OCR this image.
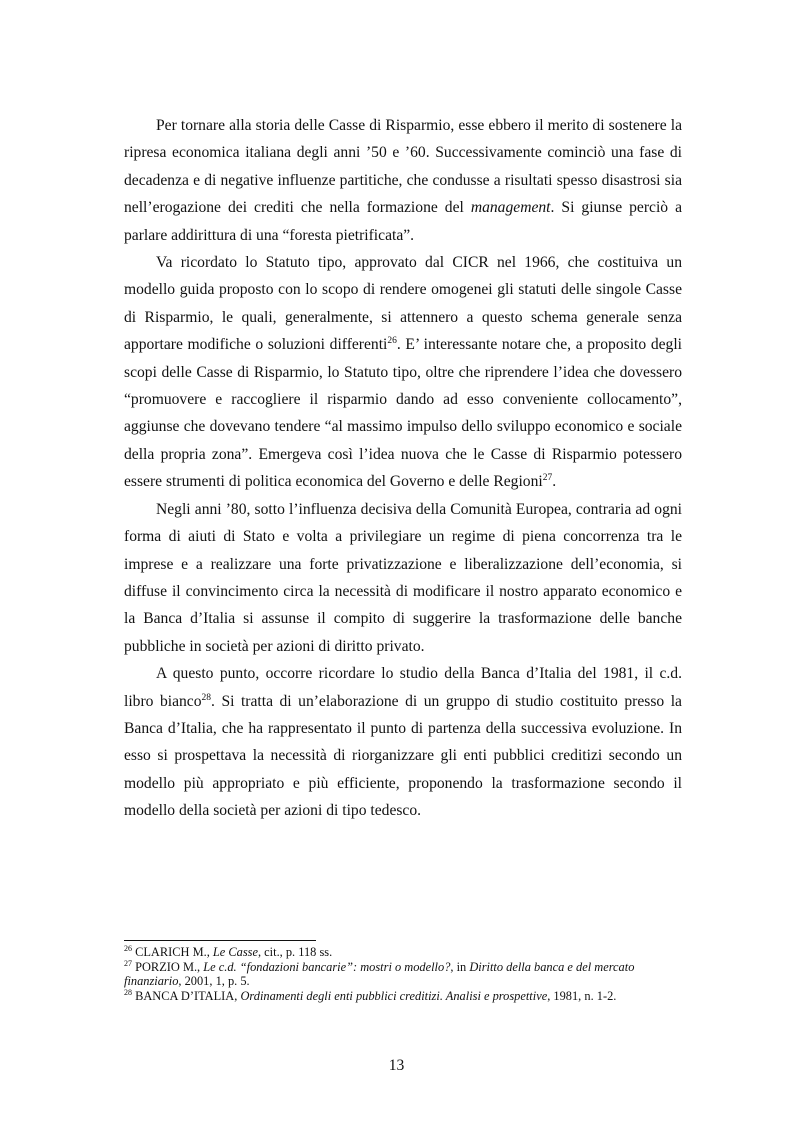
Per tornare alla storia delle Casse di Risparmio, esse ebbero il merito di sostenere la ripresa economica italiana degli anni ’50 e ’60. Successivamente cominciò una fase di decadenza e di negative influenze partitiche, che condusse a risultati spesso disastrosi sia nell’erogazione dei crediti che nella formazione del management. Si giunse perciò a parlare addirittura di una “foresta pietrificata”.

Va ricordato lo Statuto tipo, approvato dal CICR nel 1966, che costituiva un modello guida proposto con lo scopo di rendere omogenei gli statuti delle singole Casse di Risparmio, le quali, generalmente, si attennero a questo schema generale senza apportare modifiche o soluzioni differenti$^{26}$. E’ interessante notare che, a proposito degli scopi delle Casse di Risparmio, lo Statuto tipo, oltre che riprendere l’idea che dovessero “promuovere e raccogliere il risparmio dando ad esso conveniente collocamento”, aggiunse che dovevano tendere “al massimo impulso dello sviluppo economico e sociale della propria zona”. Emergeva così l’idea nuova che le Casse di Risparmio potessero essere strumenti di politica economica del Governo e delle Regioni$^{27}$.

Negli anni ’80, sotto l’influenza decisiva della Comunità Europea, contraria ad ogni forma di aiuti di Stato e volta a privilegiare un regime di piena concorrenza tra le imprese e a realizzare una forte privatizzazione e liberalizzazione dell’economia, si diffuse il convincimento circa la necessità di modificare il nostro apparato economico e la Banca d’Italia si assunse il compito di suggerire la trasformazione delle banche pubbliche in società per azioni di diritto privato.

A questo punto, occorre ricordare lo studio della Banca d’Italia del 1981, il c.d. libro bianco$^{28}$. Si tratta di un’elaborazione di un gruppo di studio costituito presso la Banca d’Italia, che ha rappresentato il punto di partenza della successiva evoluzione. In esso si prospettava la necessità di riorganizzare gli enti pubblici creditizi secondo un modello più appropriato e più efficiente, proponendo la trasformazione secondo il modello della società per azioni di tipo tedesco.

$^{26}$ CLARICH M., Le Casse, cit., p. 118 ss.

$^{27}$ PORZIO M., Le c.d. “fondazioni bancarie”: mostri o modello?, in Diritto della banca e del mercato finanziario, 2001, 1, p. 5.

$^{28}$ BANCA D’ITALIA, Ordinamenti degli enti pubblici creditizi. Analisi e prospettive, 1981, n. 1-2.

13
